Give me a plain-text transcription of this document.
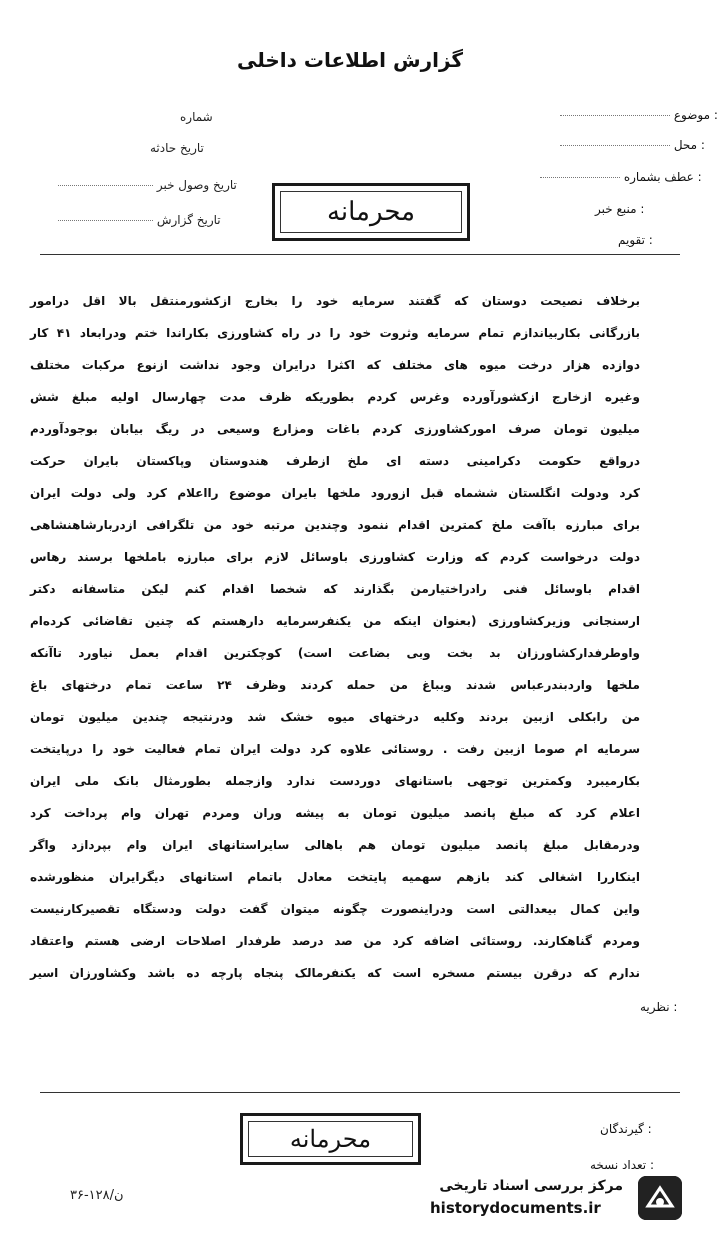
گزارش اطلاعات داخلی
موضوع :
محل :
عطف بشماره :
منبع خبر :
تقویم :
شماره
تاریخ حادثه
تاریخ وصول خبر
تاریخ گزارش	محرمانه
برخلاف نصیحت دوستان که گفتند سرمایه خود را بخارج ازکشورمنتقل بالا اقل درامور
بازرگانی بکاربیاندازم تمام سرمایه وثروت خود را در راه کشاورزی بکاراندا ختم ودرابعاد ۴۱ کار
دوازده هزار درخت میوه های مختلف که اکثرا درایران وجود نداشت ازنوع مرکبات مختلف
وغیره ازخارج ازکشورآورده وغرس کردم بطوریکه ظرف مدت چهارسال اولیه مبلغ شش
میلیون تومان صرف امورکشاورزی کردم باغات ومزارع وسیعی در ریگ بیابان بوجودآوردم
درواقع حکومت دکرامینی دسته ای ملخ ازطرف هندوستان وپاکستان بایران حرکت
کرد ودولت انگلستان ششماه قبل ازورود ملخها بایران موضوع رااعلام کرد ولی دولت ایران
برای مبارزه باآفت ملخ کمترین اقدام ننمود وچندین مرتبه خود من تلگرافی ازدربارشاهنشاهی
دولت درخواست کردم که وزارت کشاورزی باوسائل لازم برای مبارزه باملخها برسند رهاس
اقدام باوسائل فنی رادراختیارمن بگذارند که شخصا اقدام کنم لیکن متاسفانه دکتر
ارسنجانی وزیرکشاورزی (بعنوان اینکه من یکنفرسرمایه دارهستم که چنین تقاضائی کرده‌ام
واوطرفدارکشاورزان بد بخت وبی بضاعت است) کوچکترین اقدام بعمل نیاورد تاآنکه
ملخها واردبندرعباس شدند وبباغ من حمله کردند وظرف ۲۴ ساعت تمام درختهای باغ
من رابکلی ازبین بردند وکلیه درختهای میوه خشک شد ودرنتیجه چندین میلیون تومان
سرمایه ام صوما ازبین رفت . روستائی علاوه کرد دولت ایران تمام فعالیت خود را درپایتخت
بکارمیبرد وکمترین توجهی باستانهای دوردست ندارد وازجمله بطورمثال بانک ملی ایران
اعلام کرد که مبلغ پانصد میلیون تومان به پیشه وران ومردم تهران وام پرداخت کرد
ودرمقابل مبلغ پانصد میلیون تومان هم باهالی سایراستانهای ایران وام بپردازد واگر
اینکاررا اشغالی کند بازهم سهمیه پایتخت معادل باتمام استانهای دیگرایران منظورشده
واین کمال بیعدالتی است ودراینصورت چگونه میتوان گفت دولت ودستگاه تقصیرکارنیست
ومردم گناهکارند. روستائی اضافه کرد من صد درصد طرفدار اصلاحات ارضی هستم واعتقاد
ندارم که درقرن بیستم مسخره است که یکنفرمالک پنجاه پارچه ده باشد وکشاورزان اسیر
نظریه :
گیرندگان :
تعداد نسخه :
محرمانه
ن/۱۲۸-۳۶
مرکز بررسی اسناد تاریخی
historydocuments.ir
